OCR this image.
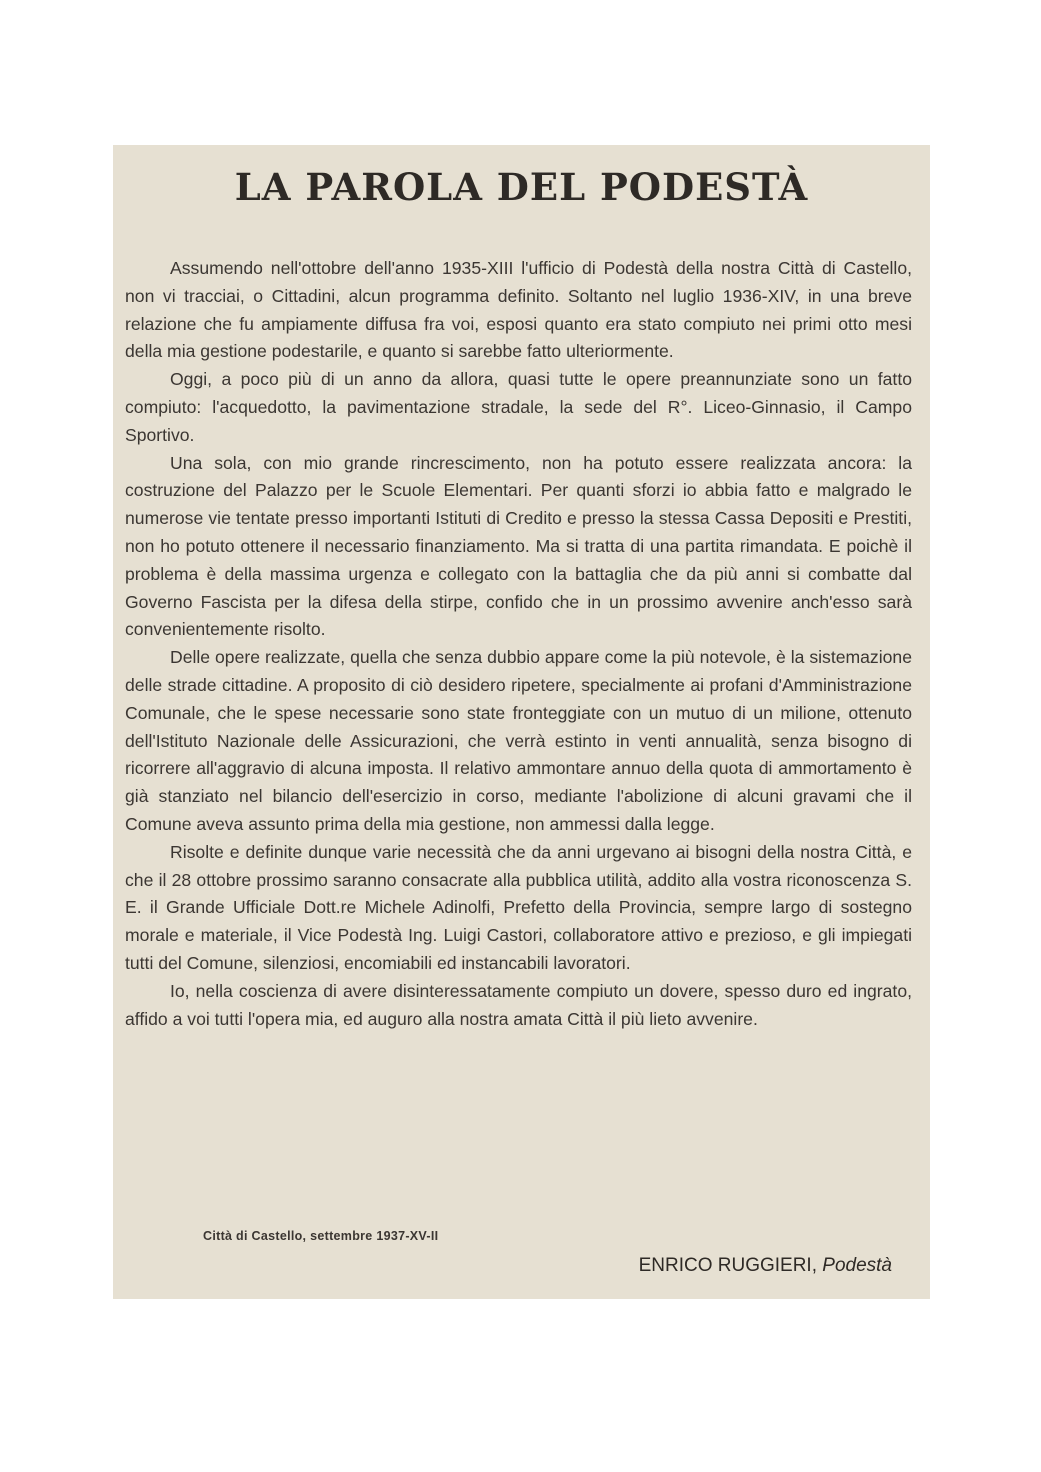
LA PAROLA DEL PODESTÀ

Assumendo nell'ottobre dell'anno 1935-XIII l'ufficio di Podestà della nostra Città di Castello, non vi tracciai, o Cittadini, alcun programma definito. Soltanto nel luglio 1936-XIV, in una breve relazione che fu ampiamente diffusa fra voi, esposi quanto era stato compiuto nei primi otto mesi della mia gestione podestarile, e quanto si sarebbe fatto ulteriormente.

Oggi, a poco più di un anno da allora, quasi tutte le opere preannunziate sono un fatto compiuto: l'acquedotto, la pavimentazione stradale, la sede del R°. Liceo-Ginnasio, il Campo Sportivo.

Una sola, con mio grande rincrescimento, non ha potuto essere realizzata ancora: la costruzione del Palazzo per le Scuole Elementari. Per quanti sforzi io abbia fatto e malgrado le numerose vie tentate presso importanti Istituti di Credito e presso la stessa Cassa Depositi e Prestiti, non ho potuto ottenere il necessario finanziamento. Ma si tratta di una partita rimandata. E poichè il problema è della massima urgenza e collegato con la battaglia che da più anni si combatte dal Governo Fascista per la difesa della stirpe, confido che in un prossimo avvenire anch'esso sarà convenientemente risolto.

Delle opere realizzate, quella che senza dubbio appare come la più notevole, è la sistemazione delle strade cittadine. A proposito di ciò desidero ripetere, specialmente ai profani d'Amministrazione Comunale, che le spese necessarie sono state fronteggiate con un mutuo di un milione, ottenuto dell'Istituto Nazionale delle Assicurazioni, che verrà estinto in venti annualità, senza bisogno di ricorrere all'aggravio di alcuna imposta. Il relativo ammontare annuo della quota di ammortamento è già stanziato nel bilancio dell'esercizio in corso, mediante l'abolizione di alcuni gravami che il Comune aveva assunto prima della mia gestione, non ammessi dalla legge.

Risolte e definite dunque varie necessità che da anni urgevano ai bisogni della nostra Città, e che il 28 ottobre prossimo saranno consacrate alla pubblica utilità, addito alla vostra riconoscenza S. E. il Grande Ufficiale Dott.re Michele Adinolfi, Prefetto della Provincia, sempre largo di sostegno morale e materiale, il Vice Podestà Ing. Luigi Castori, collaboratore attivo e prezioso, e gli impiegati tutti del Comune, silenziosi, encomiabili ed instancabili lavoratori.

Io, nella coscienza di avere disinteressatamente compiuto un dovere, spesso duro ed ingrato, affido a voi tutti l'opera mia, ed auguro alla nostra amata Città il più lieto avvenire.

Città di Castello, settembre 1937-XV-II
ENRICO RUGGIERI, Podestà
